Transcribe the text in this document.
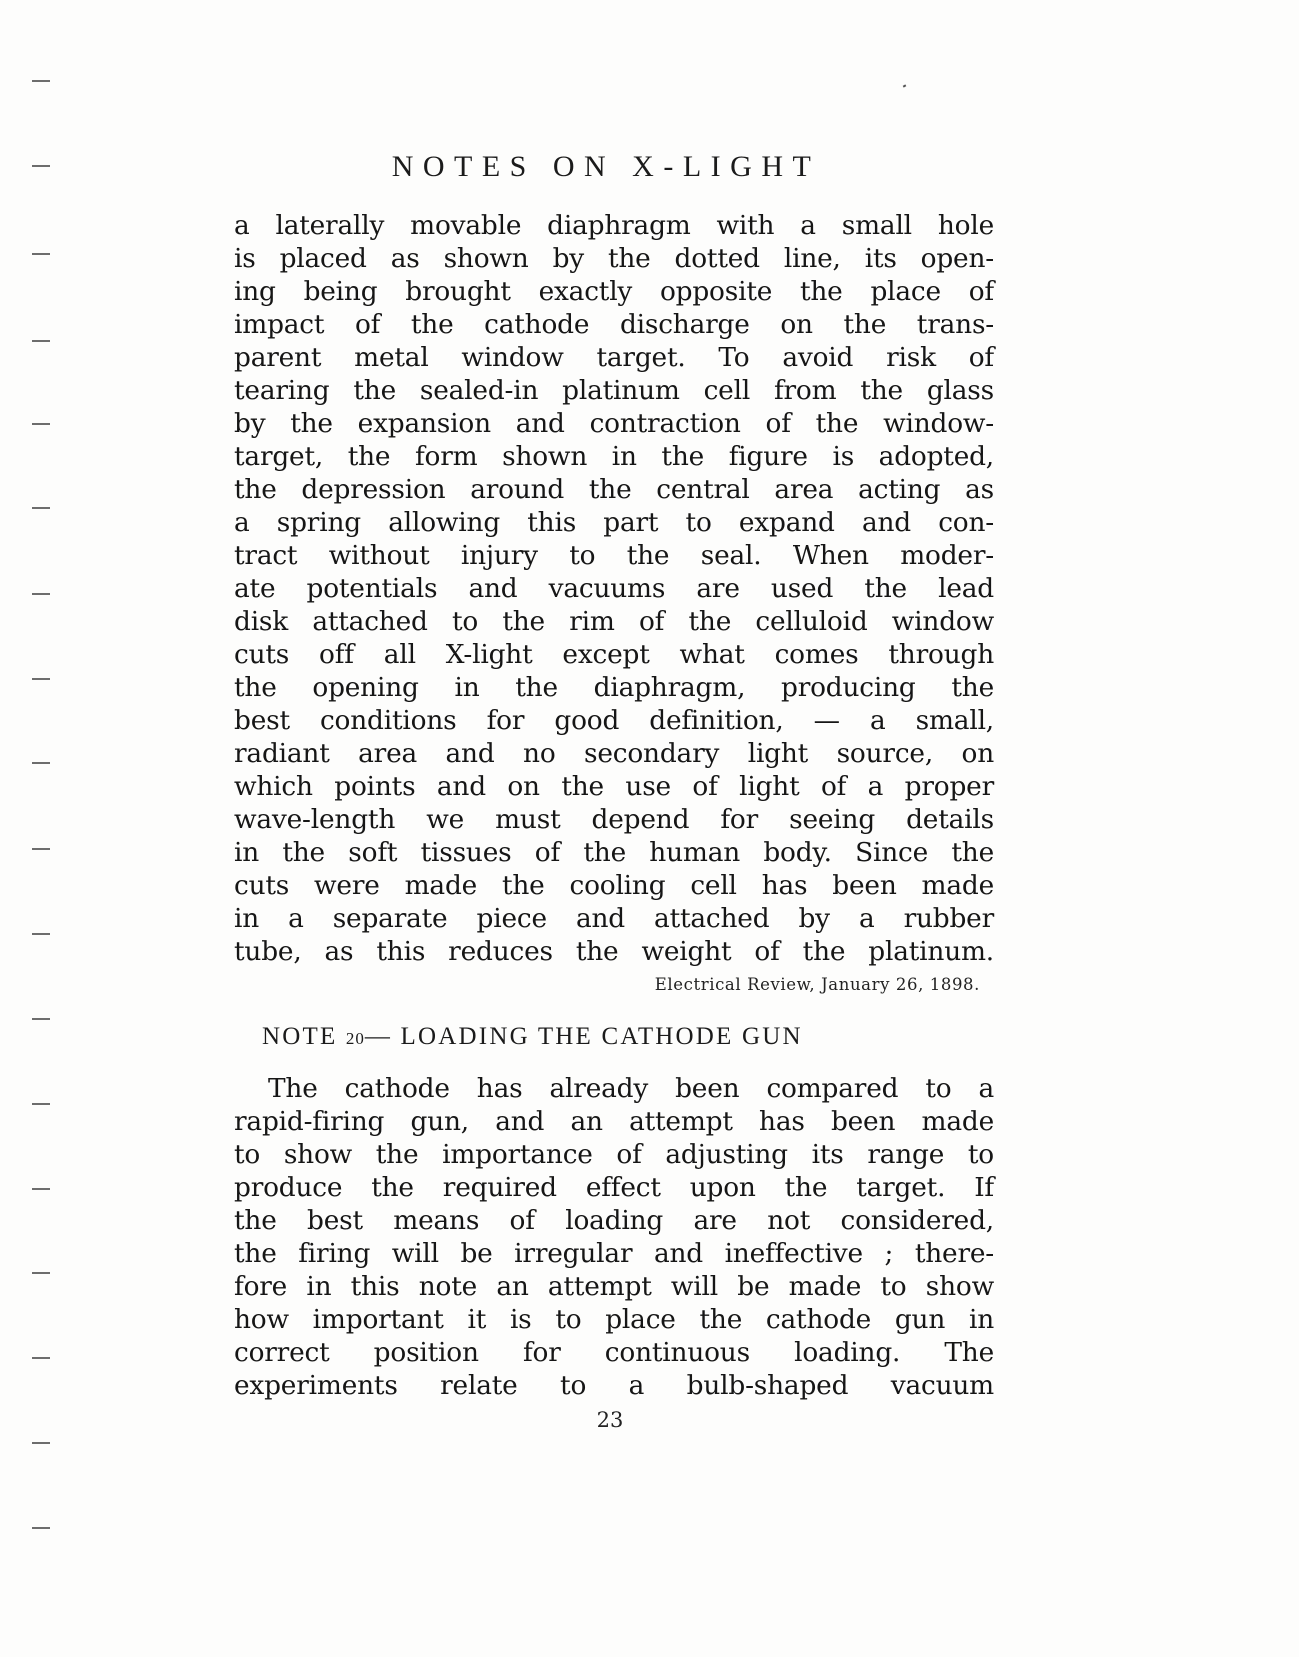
NOTES ON X-LIGHT
a laterally movable diaphragm with a small hole
is placed as shown by the dotted line, its open-
ing being brought exactly opposite the place of
impact of the cathode discharge on the trans-
parent metal window target. To avoid risk of
tearing the sealed-in platinum cell from the glass
by the expansion and contraction of the window-
target, the form shown in the figure is adopted,
the depression around the central area acting as
a spring allowing this part to expand and con-
tract without injury to the seal. When moder-
ate potentials and vacuums are used the lead
disk attached to the rim of the celluloid window
cuts off all X-light except what comes through
the opening in the diaphragm, producing the
best conditions for good definition, — a small,
radiant area and no secondary light source, on
which points and on the use of light of a proper
wave-length we must depend for seeing details
in the soft tissues of the human body. Since the
cuts were made the cooling cell has been made
in a separate piece and attached by a rubber
tube, as this reduces the weight of the platinum.
Electrical Review, January 26, 1898.
NOTE 20— LOADING THE CATHODE GUN
The cathode has already been compared to a
rapid-firing gun, and an attempt has been made
to show the importance of adjusting its range to
produce the required effect upon the target. If
the best means of loading are not considered,
the firing will be irregular and ineffective ; there-
fore in this note an attempt will be made to show
how important it is to place the cathode gun in
correct position for continuous loading. The
experiments relate to a bulb-shaped vacuum
23
